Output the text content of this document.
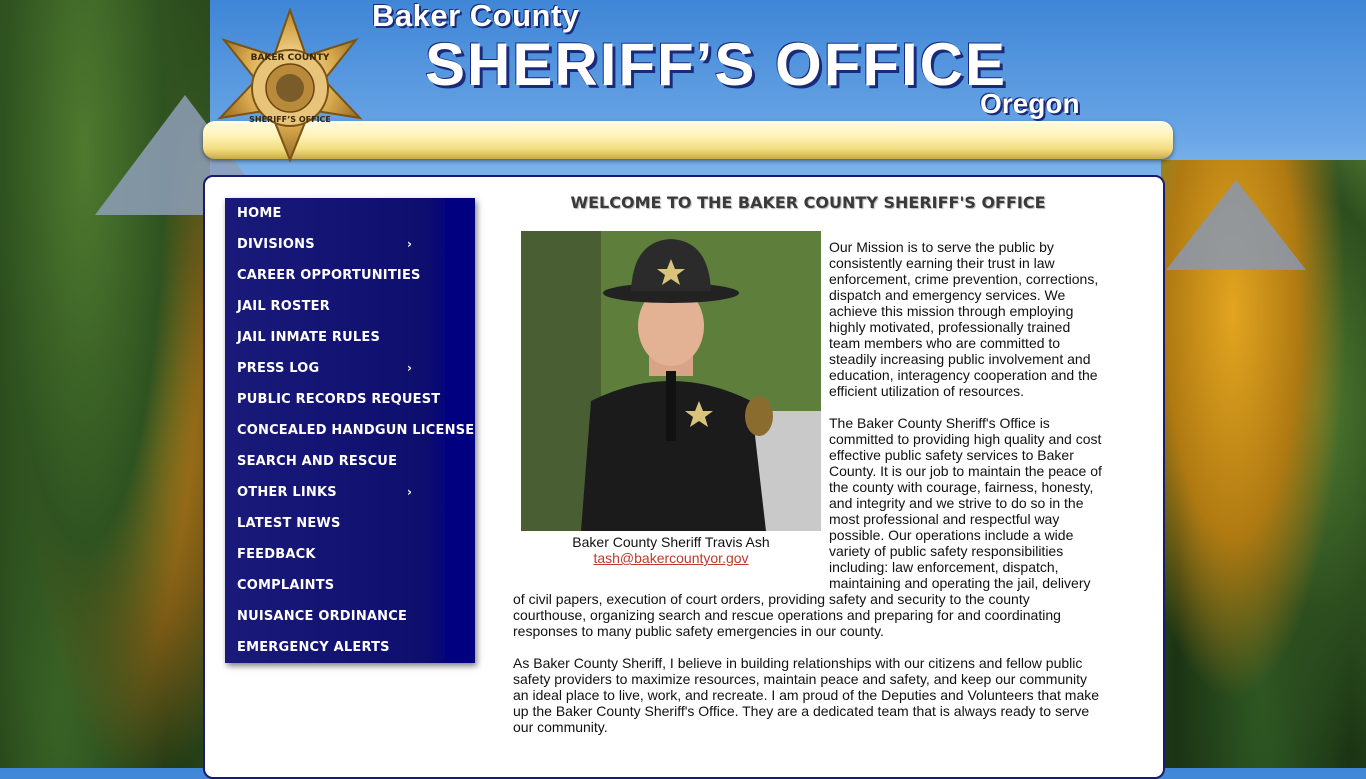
BAKER COUNTY
SHERIFF’S OFFICE
Baker County
SHERIFF’S OFFICE
Oregon
HOME
DIVISIONS	›
CAREER OPPORTUNITIES
JAIL ROSTER
JAIL INMATE RULES
PRESS LOG	›
PUBLIC RECORDS REQUEST
CONCEALED HANDGUN LICENSE
SEARCH AND RESCUE
OTHER LINKS	›
LATEST NEWS
FEEDBACK
COMPLAINTS
NUISANCE ORDINANCE
EMERGENCY ALERTS
WELCOME TO THE BAKER COUNTY SHERIFF'S OFFICE

Our Mission is to serve the public by consistently earning their trust in law enforcement, crime prevention, corrections, dispatch and emergency services. We achieve this mission through employing highly motivated, professionally trained team members who are committed to steadily increasing public involvement and education, interagency cooperation and the efficient utilization of resources.

The Baker County Sheriff's Office is committed to providing high quality and cost effective public safety services to Baker County. It is our job to maintain the peace of the county with courage, fairness, honesty, and integrity and we strive to do so in the most professional and respectful way possible. Our operations include a wide variety of public safety responsibilities including: law enforcement, dispatch, maintaining and operating the jail, delivery of civil papers, execution of court orders, providing safety and security to the county courthouse, organizing search and rescue operations and preparing for and coordinating responses to many public safety emergencies in our county.

As Baker County Sheriff, I believe in building relationships with our citizens and fellow public safety providers to maximize resources, maintain peace and safety, and keep our community an ideal place to live, work, and recreate. I am proud of the Deputies and Volunteers that make up the Baker County Sheriff's Office. They are a dedicated team that is always ready to serve our community.

Baker County Sheriff Travis Ash
tash@bakercountyor.gov
